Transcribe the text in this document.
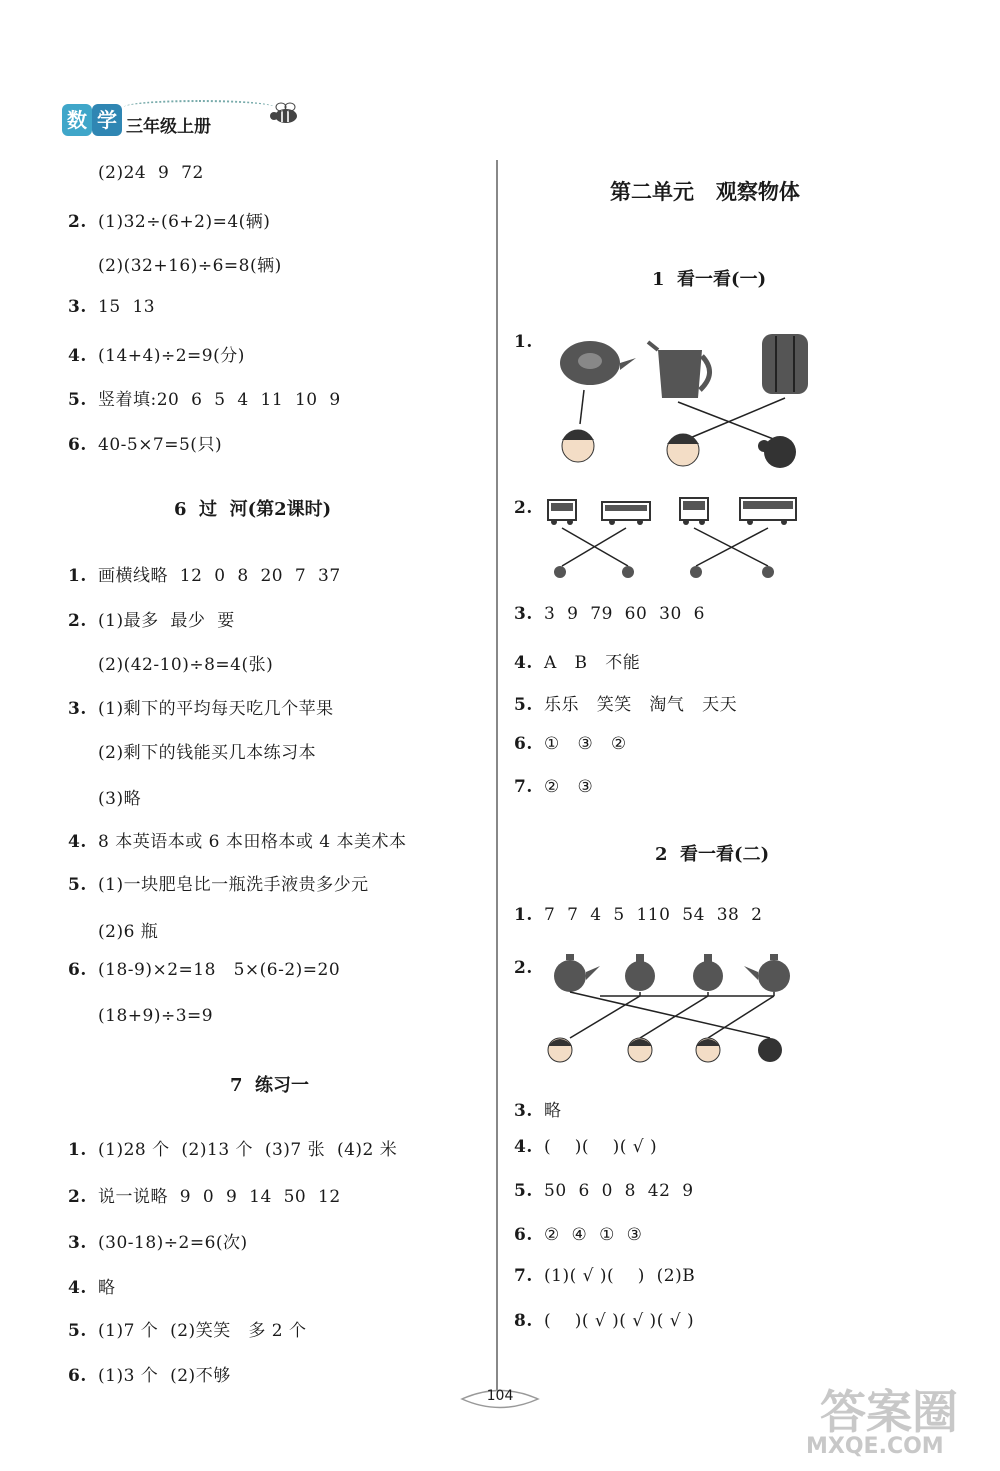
数 学 三年级上册
(2)24  9  72
2. (1)32÷(6+2)=4(辆)
(2)(32+16)÷6=8(辆)
3. 15  13
4. (14+4)÷2=9(分)
5. 竖着填:20  6  5  4  11  10  9
6. 40-5×7=5(只)
6  过  河(第2课时)
1. 画横线略  12  0  8  20  7  37
2. (1)最多  最少  要
(2)(42-10)÷8=4(张)
3. (1)剩下的平均每天吃几个苹果
(2)剩下的钱能买几本练习本
(3)略
4. 8 本英语本或 6 本田格本或 4 本美术本
5. (1)一块肥皂比一瓶洗手液贵多少元
(2)6 瓶
6. (18-9)×2=18   5×(6-2)=20
(18+9)÷3=9
7  练习一
1. (1)28 个  (2)13 个  (3)7 张  (4)2 米
2. 说一说略  9  0  9  14  50  12
3. (30-18)÷2=6(次)
4. 略
5. (1)7 个  (2)笑笑   多 2 个
6. (1)3 个  (2)不够
第二单元   观察物体
1  看一看(一)
1.
2.
3. 3  9  79  60  30  6
4. A   B   不能
5. 乐乐   笑笑   淘气   天天
6. ①   ③   ②
7. ②   ③
2  看一看(二)
1. 7  7  4  5  110  54  38  2
2.
3. 略
4. (    )(    )( √ )
5. 50  6  0  8  42  9
6. ②  ④  ①  ③
7. (1)( √ )(    )  (2)B
8. (    )( √ )( √ )( √ )
104	答案圈
MXQE.COM
